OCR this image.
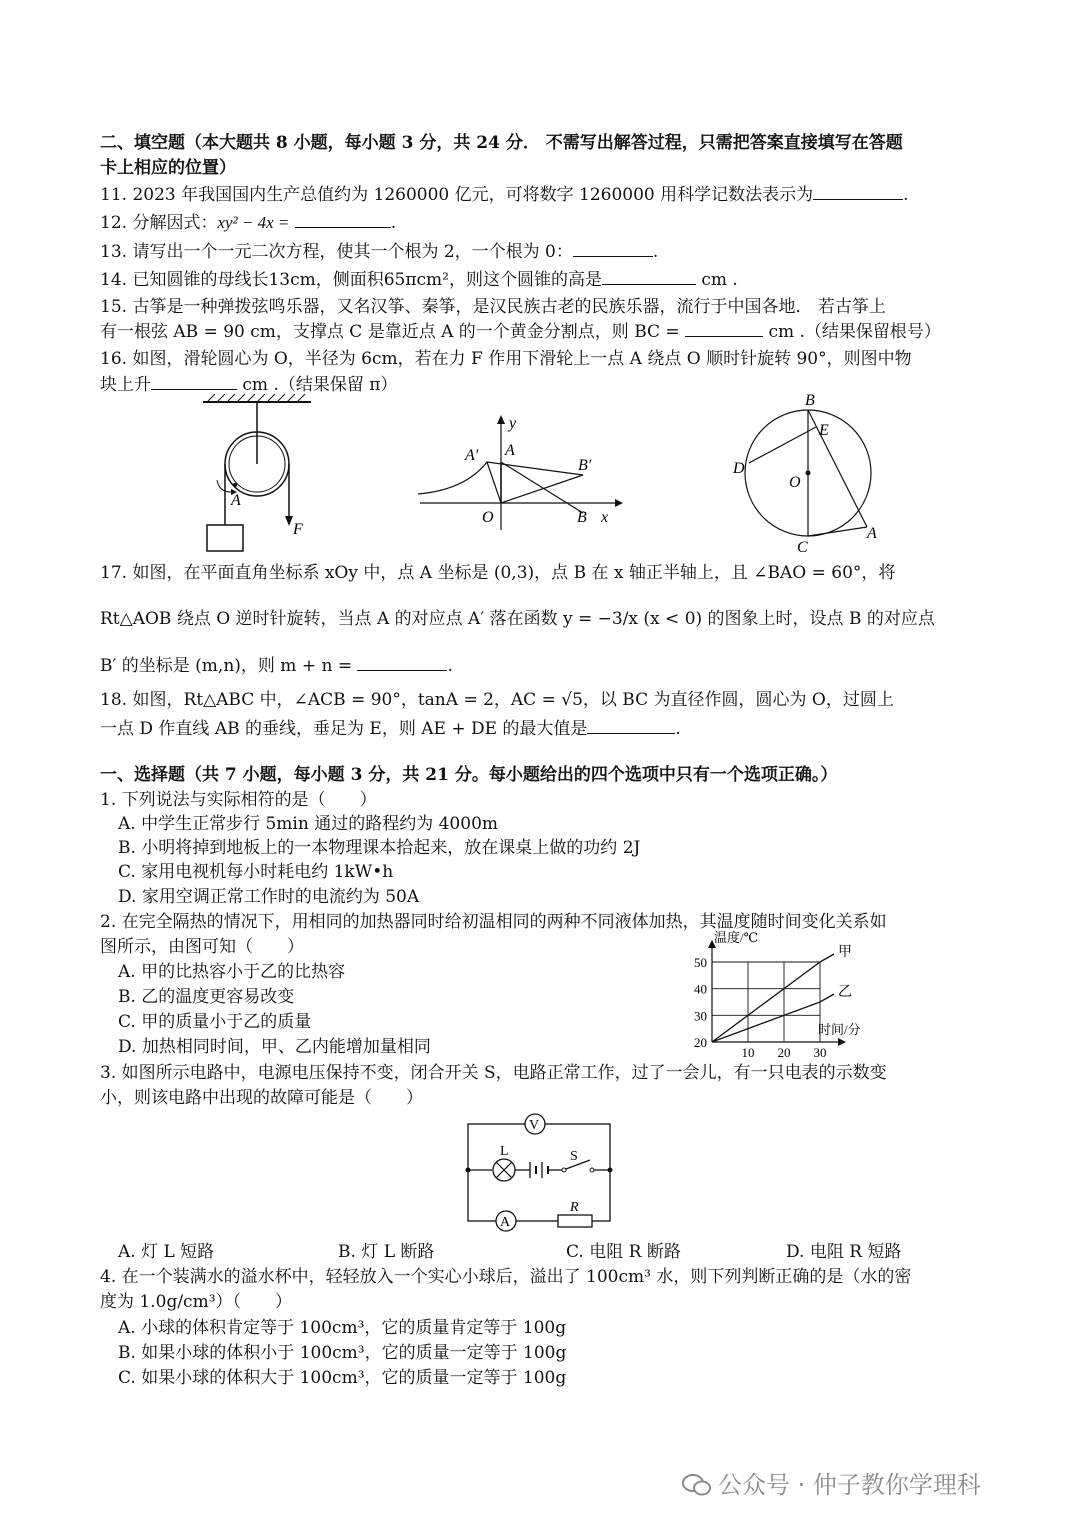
二、填空题（本大题共 8 小题，每小题 3 分，共 24 分． 不需写出解答过程，只需把答案直接填写在答题
卡上相应的位置）
11. 2023 年我国国内生产总值约为 1260000 亿元，可将数字 1260000 用科学记数法表示为	.
12. 分解因式：xy² − 4x =	.
13. 请写出一个一元二次方程，使其一个根为 2，一个根为 0：	.
14. 已知圆锥的母线长13cm，侧面积65πcm²，则这个圆锥的高是	cm .
15. 古筝是一种弹拨弦鸣乐器，又名汉筝、秦筝，是汉民族古老的民族乐器，流行于中国各地． 若古筝上
有一根弦 AB = 90 cm，支撑点 C 是靠近点 A 的一个黄金分割点，则 BC =	cm .（结果保留根号）
16. 如图，滑轮圆心为 O，半径为 6cm，若在力 F 作用下滑轮上一点 A 绕点 O 顺时针旋转 90°，则图中物
块上升	cm .（结果保留 π）
A
F
y
x
O
A
A′
B
B′
B
E
D
O
C
A
17. 如图，在平面直角坐标系 xOy 中，点 A 坐标是 (0,3)，点 B 在 x 轴正半轴上，且 ∠BAO = 60°，将
Rt△AOB 绕点 O 逆时针旋转，当点 A 的对应点 A′ 落在函数 y = −3/x (x < 0) 的图象上时，设点 B 的对应点
B′ 的坐标是 (m,n)，则 m + n =	.
18. 如图，Rt△ABC 中，∠ACB = 90°，tanA = 2，AC = √5，以 BC 为直径作圆，圆心为 O，过圆上
一点 D 作直线 AB 的垂线，垂足为 E，则 AE + DE 的最大值是	.
一、选择题（共 7 小题，每小题 3 分，共 21 分。每小题给出的四个选项中只有一个选项正确。）
1. 下列说法与实际相符的是（　　）
A. 中学生正常步行 5min 通过的路程约为 4000m
B. 小明将掉到地板上的一本物理课本拾起来，放在课桌上做的功约 2J
C. 家用电视机每小时耗电约 1kW•h
D. 家用空调正常工作时的电流约为 50A
2. 在完全隔热的情况下，用相同的加热器同时给初温相同的两种不同液体加热，其温度随时间变化关系如
图所示，由图可知（　　）
A. 甲的比热容小于乙的比热容
B. 乙的温度更容易改变
C. 甲的质量小于乙的质量
D. 加热相同时间，甲、乙内能增加量相同	20
30
40
50
10 20 30
温度/℃
时间/分
甲
乙
3. 如图所示电路中，电源电压保持不变，闭合开关 S，电路正常工作，过了一会儿，有一只电表的示数变
小，则该电路中出现的故障可能是（　　）
V
A
L	S
R
A. 灯 L 短路	B. 灯 L 断路	C. 电阻 R 断路	D. 电阻 R 短路
4. 在一个装满水的溢水杯中，轻轻放入一个实心小球后，溢出了 100cm³ 水，则下列判断正确的是（水的密
度为 1.0g/cm³）（　　）
A. 小球的体积肯定等于 100cm³，它的质量肯定等于 100g
B. 如果小球的体积小于 100cm³，它的质量一定等于 100g
C. 如果小球的体积大于 100cm³，它的质量一定等于 100g
公众号 · 仲子教你学理科
